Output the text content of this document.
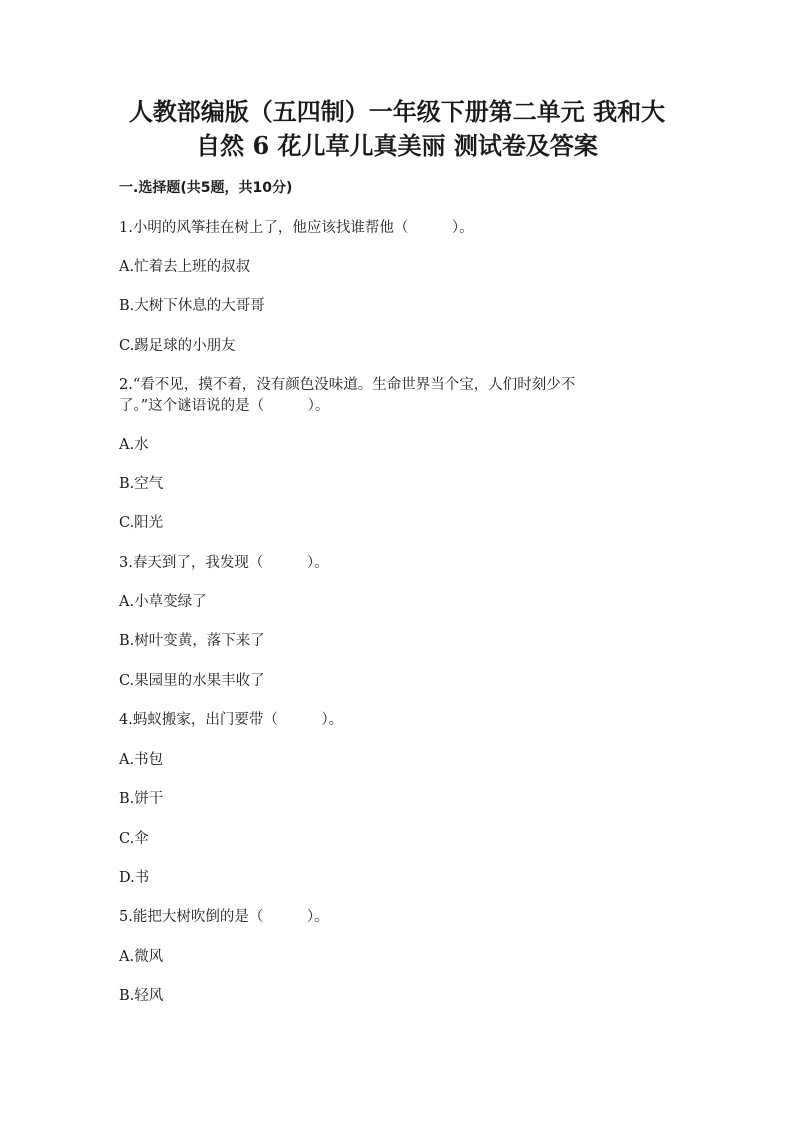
人教部编版（五四制）一年级下册第二单元 我和大
自然 6 花儿草儿真美丽 测试卷及答案
一.选择题(共5题，共10分)
1.小明的风筝挂在树上了，他应该找谁帮他（　　　）。
A.忙着去上班的叔叔
B.大树下休息的大哥哥
C.踢足球的小朋友
2.“看不见，摸不着，没有颜色没味道。生命世界当个宝，人们时刻少不
了。”这个谜语说的是（　　　）。
A.水
B.空气
C.阳光
3.春天到了，我发现（　　　）。
A.小草变绿了
B.树叶变黄，落下来了
C.果园里的水果丰收了
4.蚂蚁搬家，出门要带（　　　）。
A.书包
B.饼干
C.伞
D.书
5.能把大树吹倒的是（　　　）。
A.微风
B.轻风
